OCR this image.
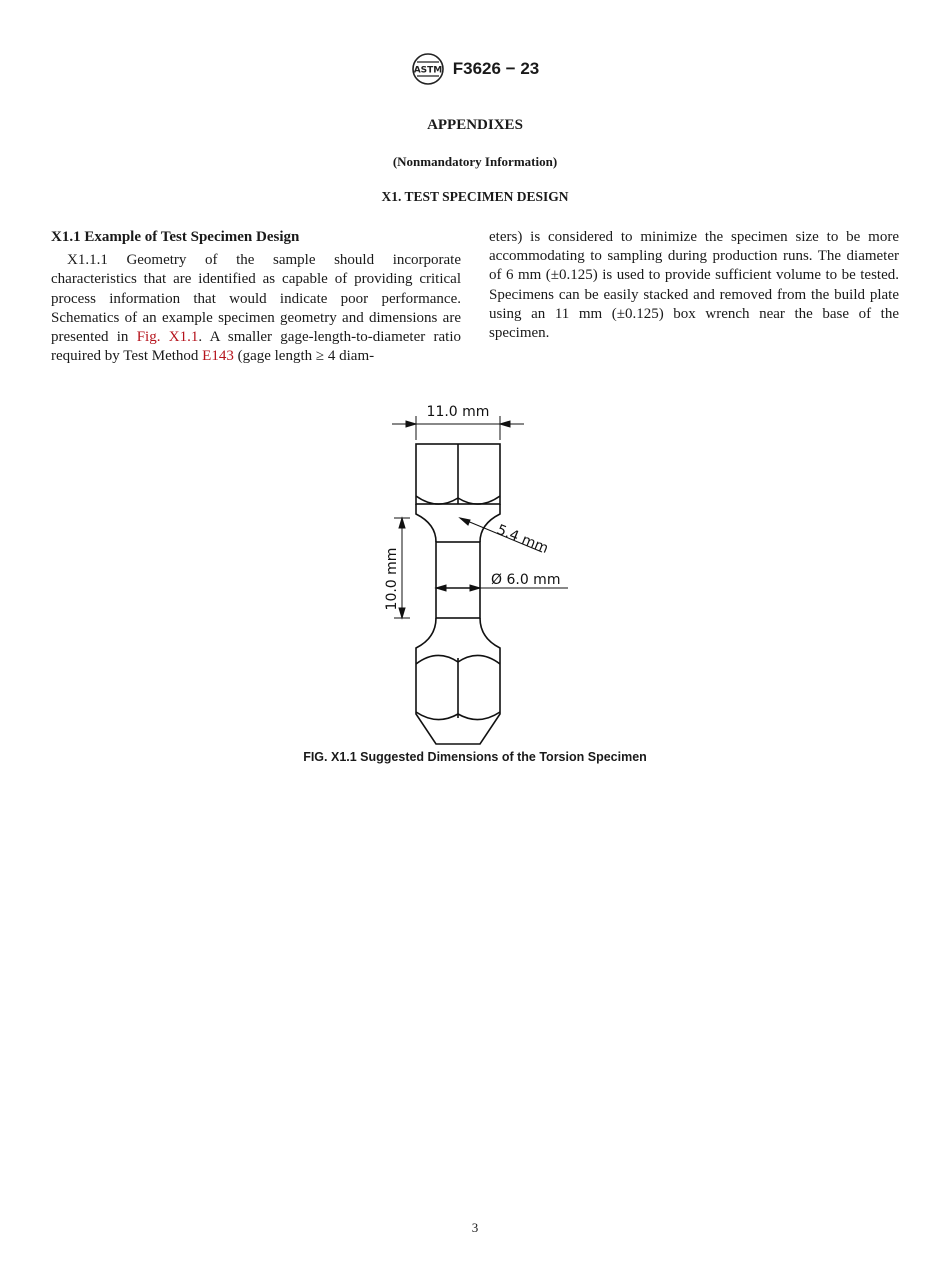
ASTM F3626 − 23
APPENDIXES
(Nonmandatory Information)
X1. TEST SPECIMEN DESIGN

X1.1 Example of Test Specimen Design

X1.1.1 Geometry of the sample should incorporate characteristics that are identified as capable of providing critical process information that would indicate poor performance. Schematics of an example specimen geometry and dimensions are presented in Fig. X1.1. A smaller gage-length-to-diameter ratio required by Test Method E143 (gage length ≥ 4 diam-

eters) is considered to minimize the specimen size to be more accommodating to sampling during production runs. The diameter of 6 mm (±0.125) is used to provide sufficient volume to be tested. Specimens can be easily stacked and removed from the build plate using an 11 mm (±0.125) box wrench near the base of the specimen.

11.0 mm
5.4 mm
Ø 6.0 mm
10.0 mm
FIG. X1.1 Suggested Dimensions of the Torsion Specimen
3
